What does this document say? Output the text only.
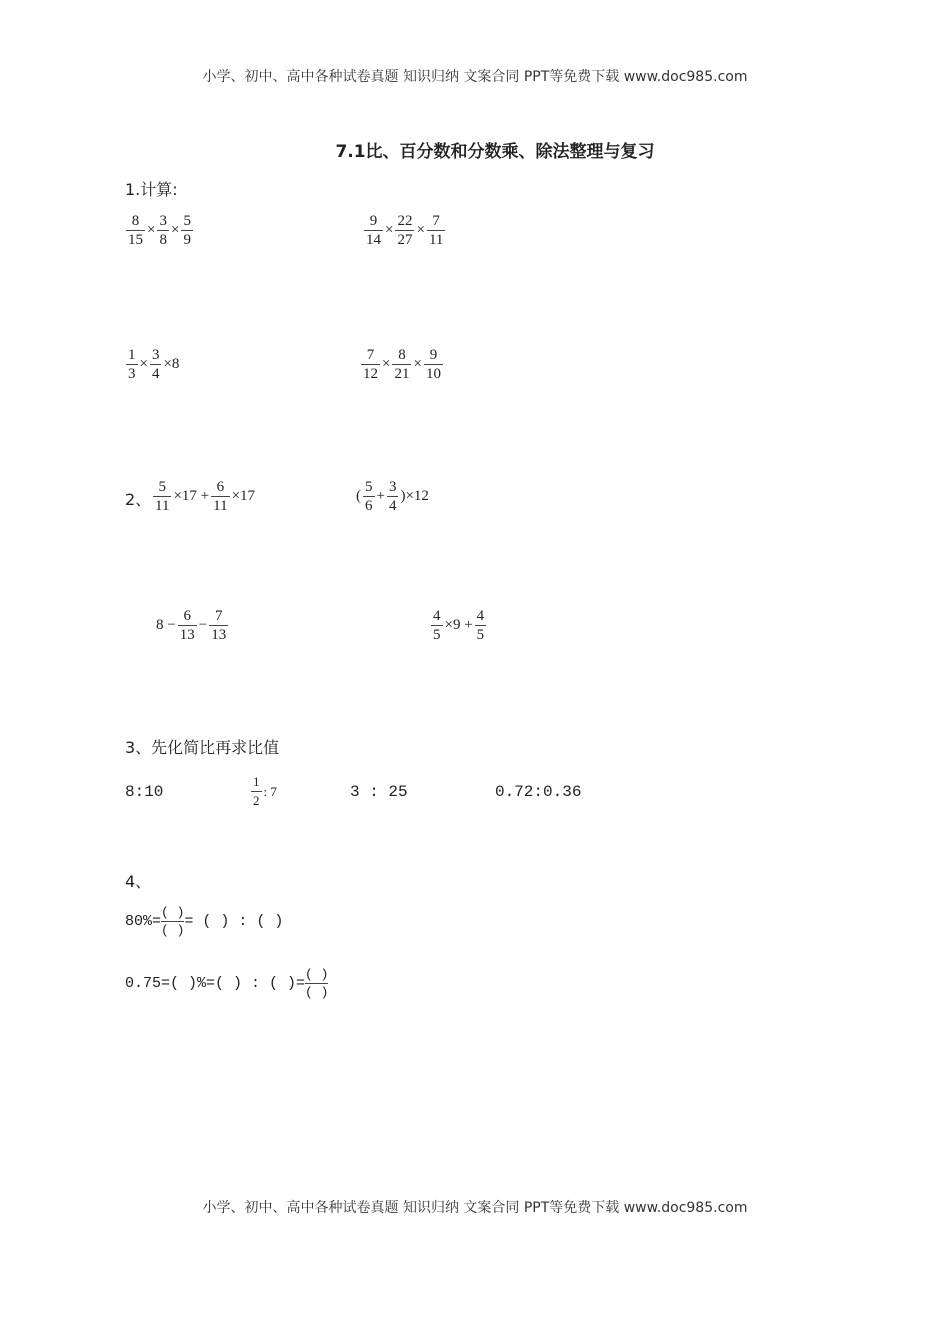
小学、初中、高中各种试卷真题 知识归纳 文案合同 PPT等免费下载 www.doc985.com
7.1比、百分数和分数乘、除法整理与复习
1.计算:
$\frac{8}{15} \times \frac{3}{8} \times \frac{5}{9}$	$\frac{9}{14} \times \frac{22}{27} \times \frac{7}{11}$
$\frac{1}{3} \times \frac{3}{4} \times 8$	$\frac{7}{12} \times \frac{8}{21} \times \frac{9}{10}$
2、 $\frac{5}{11} \times 17 + \frac{6}{11} \times 17$	( $\frac{5}{6} + \frac{3}{4} )\times 12$
$8 - \frac{6}{13} - \frac{7}{13}$	$\frac{4}{5} \times 9 + \frac{4}{5}$
3、先化简比再求比值
8:10	$\frac{1}{2}$ : 7	3 : 25	0.72:0.36
4、
80%=
( )
( )
= ( ) : ( )
0.75=( )%=( ) : ( )=
( )
( )
小学、初中、高中各种试卷真题 知识归纳 文案合同 PPT等免费下载 www.doc985.com
